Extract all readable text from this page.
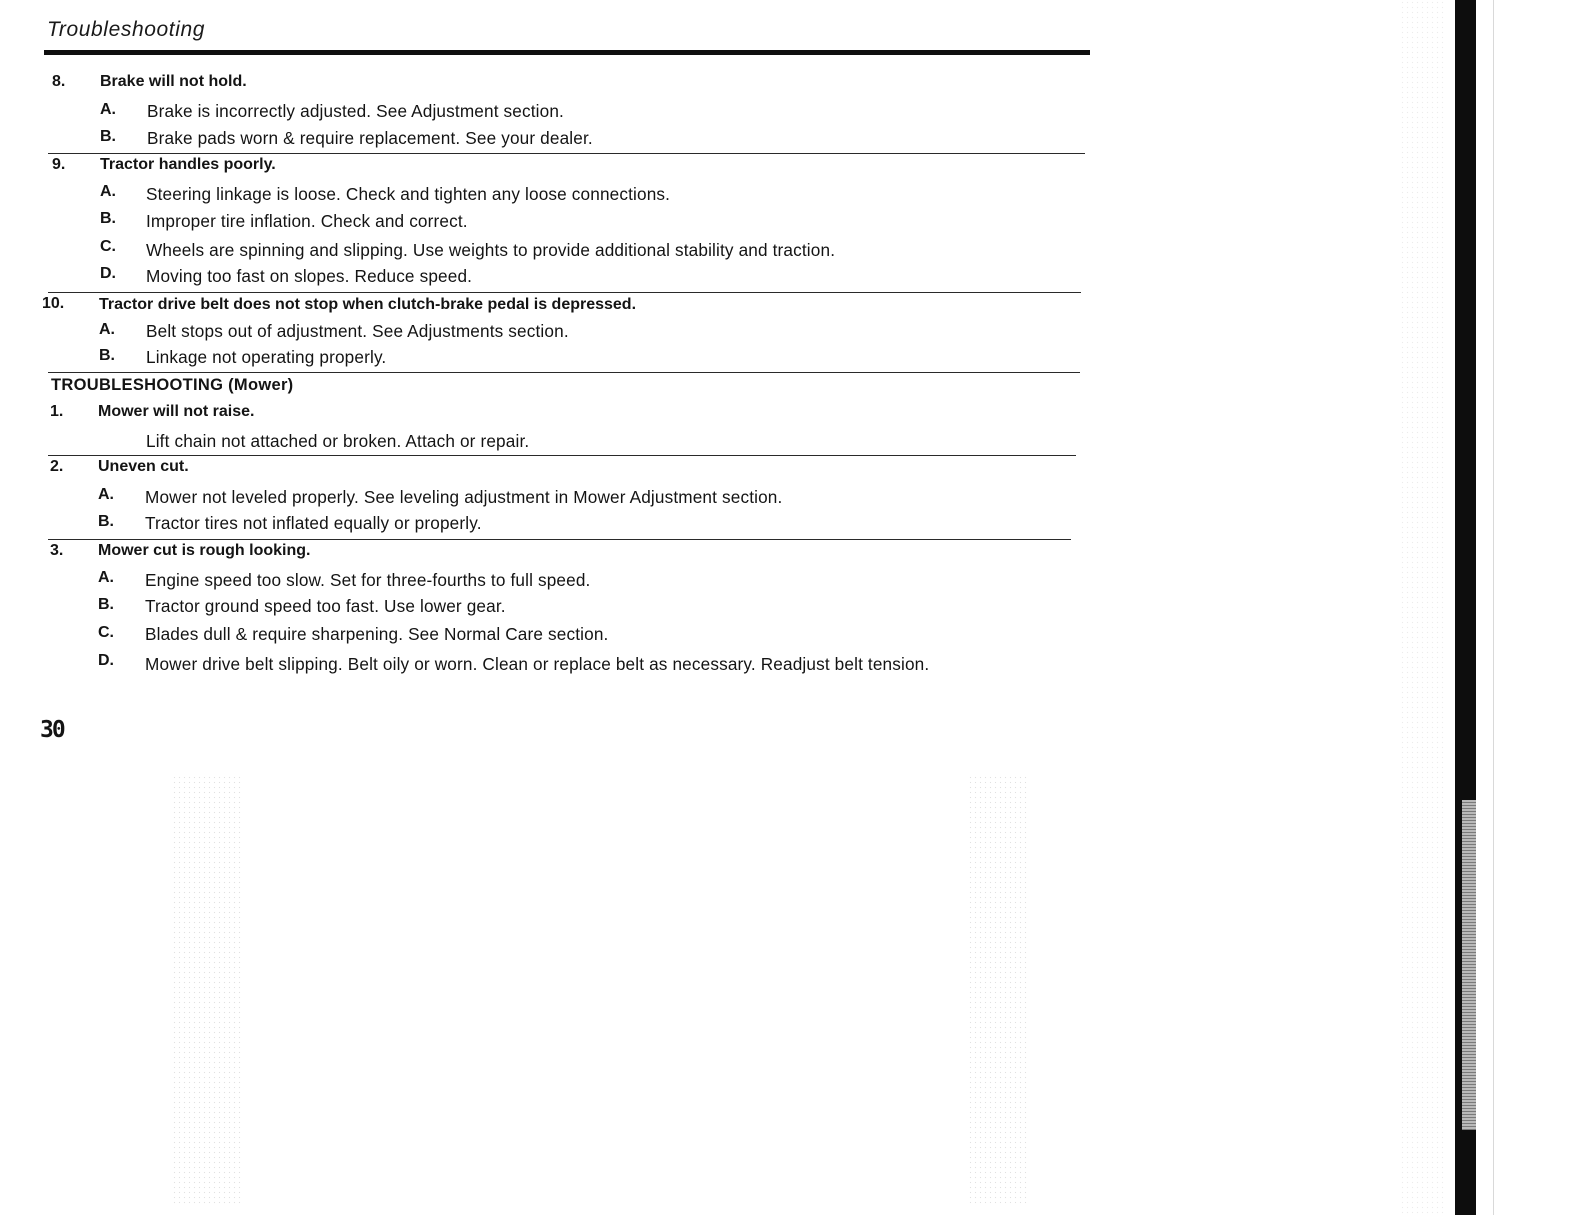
Troubleshooting
8. Brake will not hold.
A. Brake is incorrectly adjusted. See Adjustment section.
B. Brake pads worn & require replacement. See your dealer.
9. Tractor handles poorly.
A. Steering linkage is loose. Check and tighten any loose connections.
B. Improper tire inflation. Check and correct.
C. Wheels are spinning and slipping. Use weights to provide additional stability and traction.
D. Moving too fast on slopes. Reduce speed.
10. Tractor drive belt does not stop when clutch-brake pedal is depressed.
A. Belt stops out of adjustment. See Adjustments section.
B. Linkage not operating properly.
TROUBLESHOOTING (Mower)
1. Mower will not raise.
Lift chain not attached or broken. Attach or repair.
2. Uneven cut.
A. Mower not leveled properly. See leveling adjustment in Mower Adjustment section.
B. Tractor tires not inflated equally or properly.
3. Mower cut is rough looking.
A. Engine speed too slow. Set for three-fourths to full speed.
B. Tractor ground speed too fast. Use lower gear.
C. Blades dull & require sharpening. See Normal Care section.
D. Mower drive belt slipping. Belt oily or worn. Clean or replace belt as necessary. Readjust belt tension.
30
